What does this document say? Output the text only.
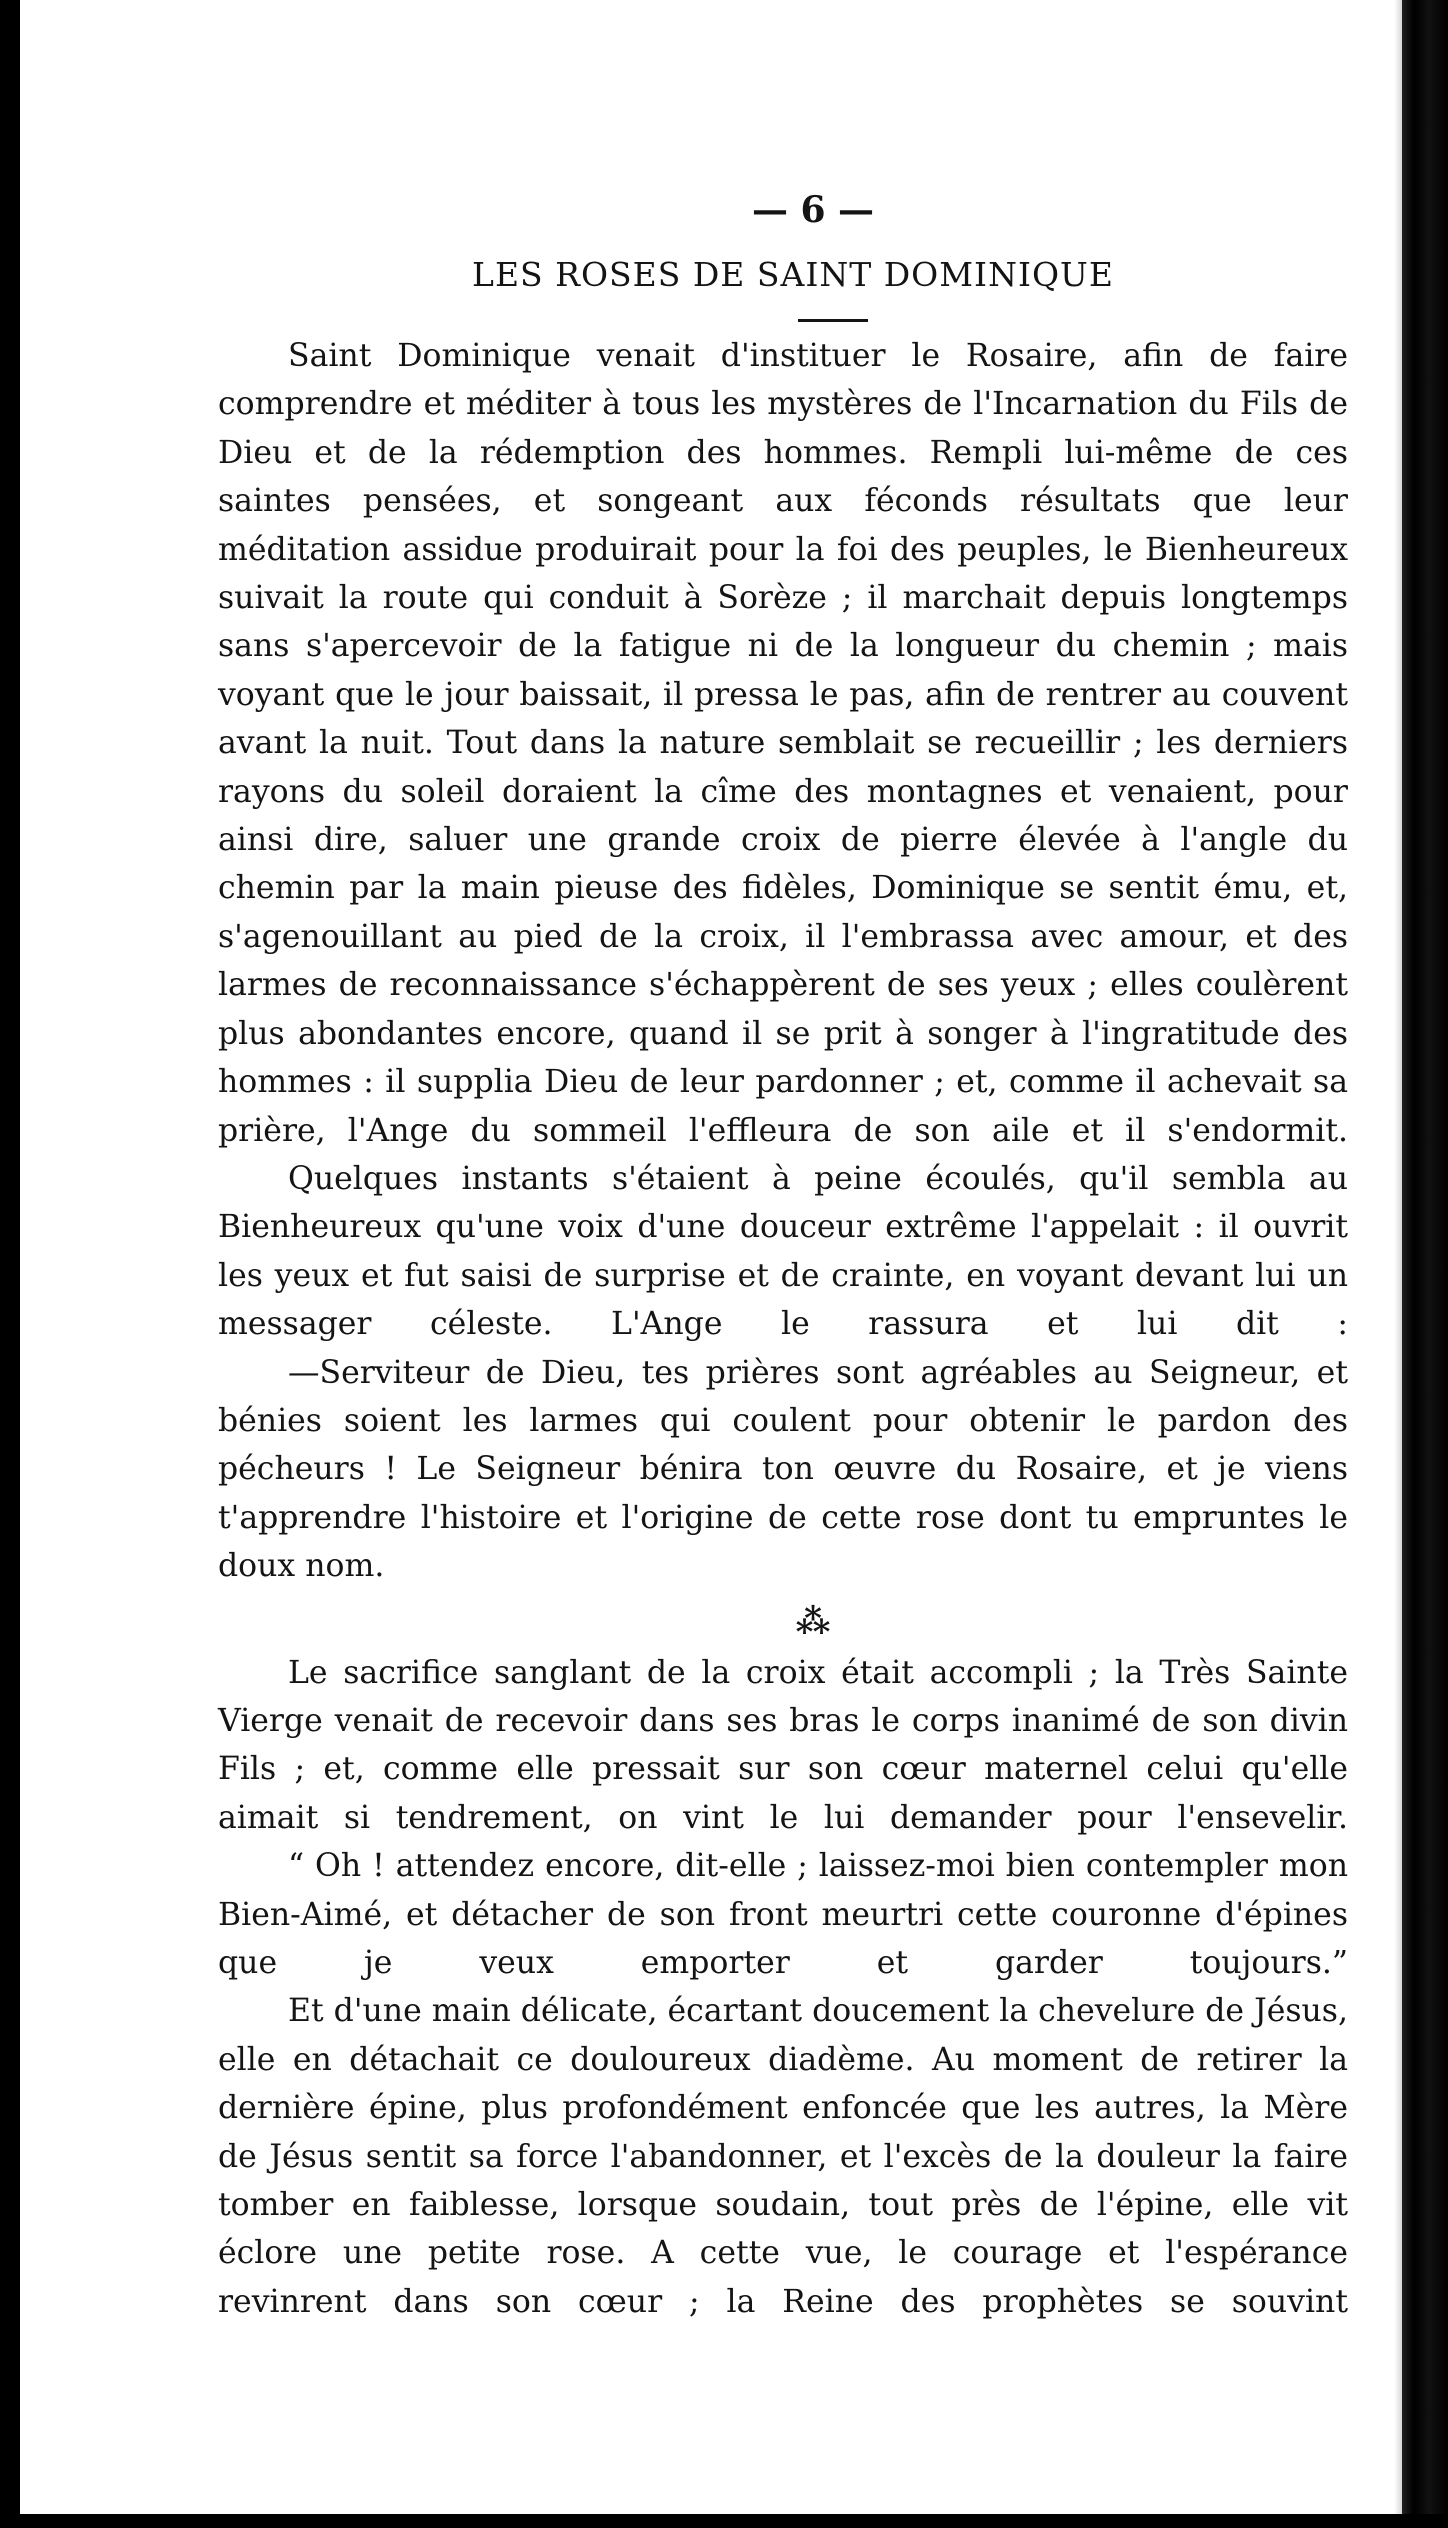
— 6 —

LES ROSES DE SAINT DOMINIQUE

Saint Dominique venait d'instituer le Rosaire, afin de faire comprendre et méditer à tous les mystères de l'Incarnation du Fils de Dieu et de la rédemption des hommes. Rempli lui-même de ces saintes pensées, et songeant aux féconds résultats que leur méditation assidue produirait pour la foi des peuples, le Bienheureux suivait la route qui conduit à Sorèze ; il marchait depuis longtemps sans s'apercevoir de la fatigue ni de la longueur du chemin ; mais voyant que le jour baissait, il pressa le pas, afin de rentrer au couvent avant la nuit. Tout dans la nature semblait se recueillir ; les derniers rayons du soleil doraient la cîme des montagnes et venaient, pour ainsi dire, saluer une grande croix de pierre élevée à l'angle du chemin par la main pieuse des fidèles, Dominique se sentit ému, et, s'agenouillant au pied de la croix, il l'embrassa avec amour, et des larmes de reconnaissance s'échappèrent de ses yeux ; elles coulèrent plus abondantes encore, quand il se prit à songer à l'ingratitude des hommes : il supplia Dieu de leur pardonner ; et, comme il achevait sa prière, l'Ange du sommeil l'effleura de son aile et il s'endormit.

Quelques instants s'étaient à peine écoulés, qu'il sembla au Bienheureux qu'une voix d'une douceur extrême l'appelait : il ouvrit les yeux et fut saisi de surprise et de crainte, en voyant devant lui un messager céleste. L'Ange le rassura et lui dit :

—Serviteur de Dieu, tes prières sont agréables au Seigneur, et bénies soient les larmes qui coulent pour obtenir le pardon des pécheurs ! Le Seigneur bénira ton œuvre du Rosaire, et je viens t'apprendre l'histoire et l'origine de cette rose dont tu empruntes le doux nom.

⁂

Le sacrifice sanglant de la croix était accompli ; la Très Sainte Vierge venait de recevoir dans ses bras le corps inanimé de son divin Fils ; et, comme elle pressait sur son cœur maternel celui qu'elle aimait si tendrement, on vint le lui demander pour l'ensevelir.

“ Oh ! attendez encore, dit-elle ; laissez-moi bien contempler mon Bien-Aimé, et détacher de son front meurtri cette couronne d'épines que je veux emporter et garder toujours.”

Et d'une main délicate, écartant doucement la chevelure de Jésus, elle en détachait ce douloureux diadème. Au moment de retirer la dernière épine, plus profondément enfoncée que les autres, la Mère de Jésus sentit sa force l'abandonner, et l'excès de la douleur la faire tomber en faiblesse, lorsque soudain, tout près de l'épine, elle vit éclore une petite rose. A cette vue, le courage et l'espérance revinrent dans son cœur ; la Reine des prophètes se souvint
